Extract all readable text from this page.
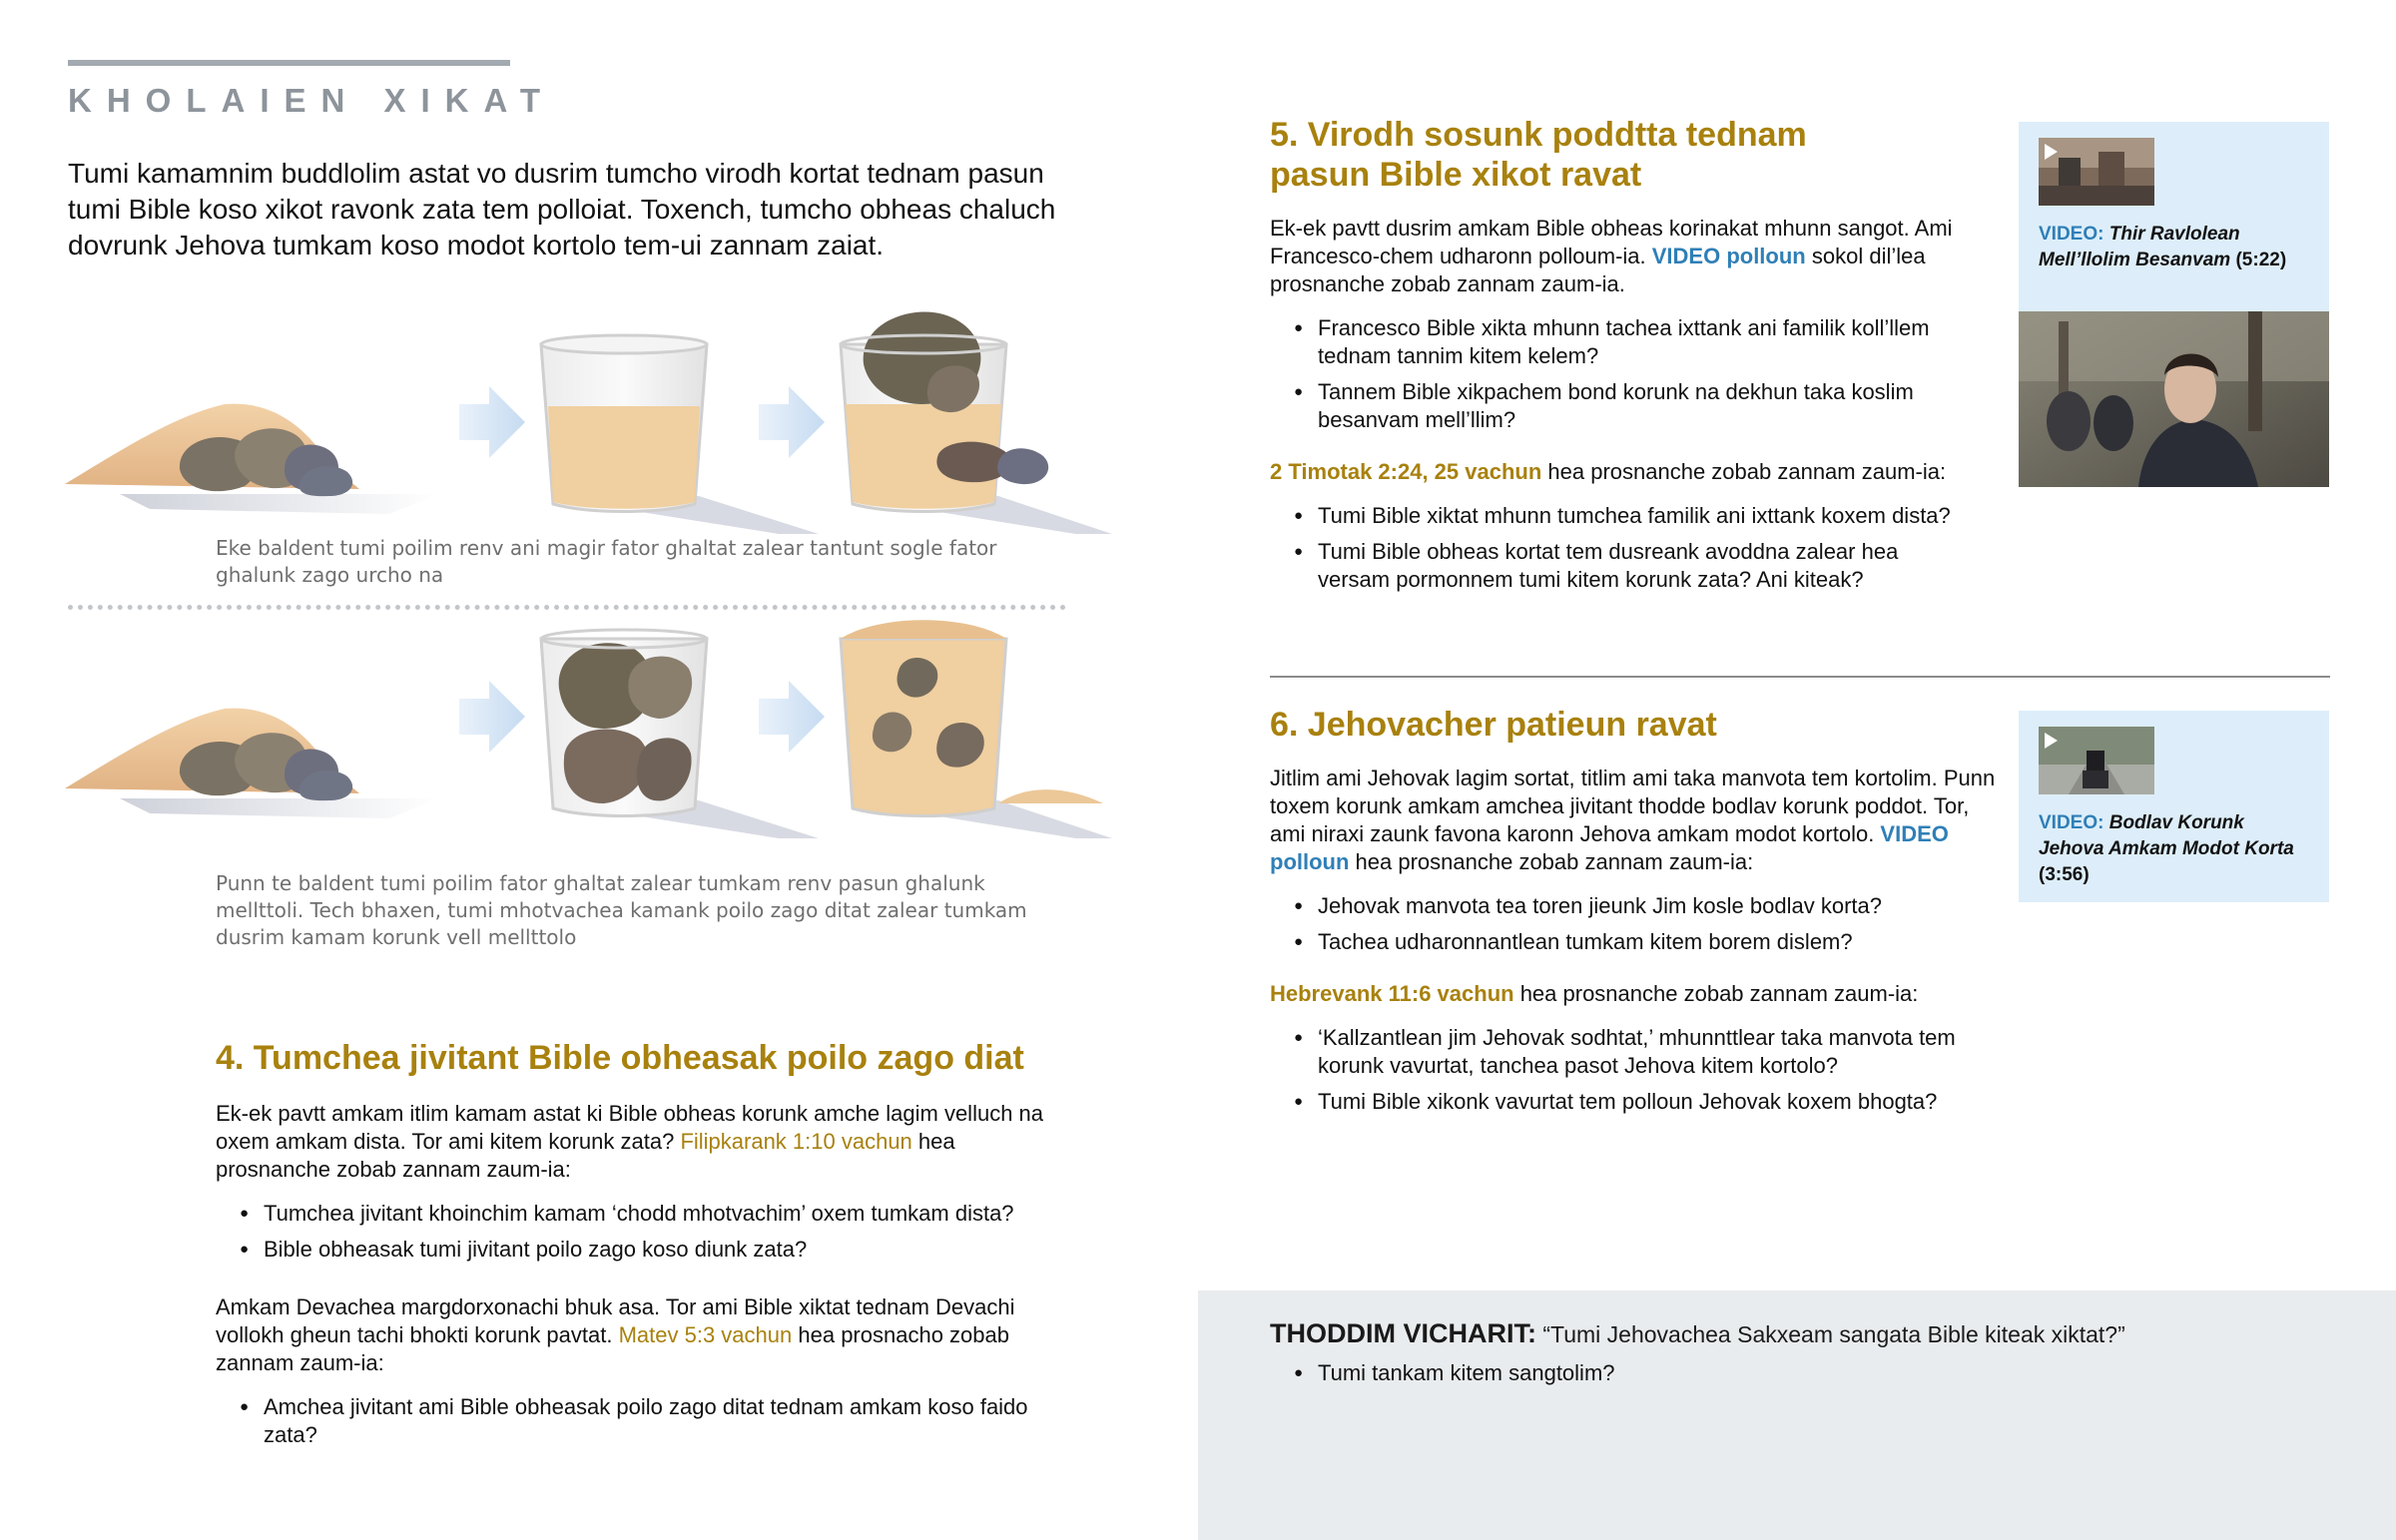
KHOLAIEN XIKAT

Tumi kamamnim buddlolim astat vo dusrim tumcho virodh kortat tednam pasun tumi Bible koso xikot ravonk zata tem polloiat. Toxench, tumcho obheas chaluch dovrunk Jehova tumkam koso modot kortolo tem-ui zannam zaiat.

Eke baldent tumi poilim renv ani magir fator ghaltat zalear tantunt sogle fator ghalunk zago urcho na

Punn te baldent tumi poilim fator ghaltat zalear tumkam renv pasun ghalunk mellttoli. Tech bhaxen, tumi mhotvachea kamank poilo zago ditat zalear tumkam dusrim kamam korunk vell mellttolo

4. Tumchea jivitant Bible obheasak poilo zago diat

Ek-ek pavtt amkam itlim kamam astat ki Bible obheas korunk amche lagim velluch na oxem amkam dista. Tor ami kitem korunk zata? Filipkarank 1:10 vachun hea prosnanche zobab zannam zaum-ia:

● Tumchea jivitant khoinchim kamam ‘chodd mhotvachim’ oxem tumkam dista?
● Bible obheasak tumi jivitant poilo zago koso diunk zata?

Amkam Devachea margdorxonachi bhuk asa. Tor ami Bible xiktat tednam Devachi vollokh gheun tachi bhokti korunk pavtat. Matev 5:3 vachun hea prosnacho zobab zannam zaum-ia:

● Amchea jivitant ami Bible obheasak poilo zago ditat tednam amkam koso faido zata?
5. Virodh sosunk poddtta tednam pasun Bible xikot ravat

Ek-ek pavtt dusrim amkam Bible obheas korinakat mhunn sangot. Ami Francesco-chem udharonn polloum-ia. VIDEO polloun sokol dil’lea prosnanche zobab zannam zaum-ia.

● Francesco Bible xikta mhunn tachea ixttank ani familik koll’llem tednam tannim kitem kelem?
● Tannem Bible xikpachem bond korunk na dekhun taka koslim besanvam mell’llim?

2 Timotak 2:24, 25 vachun hea prosnanche zobab zannam zaum-ia:

● Tumi Bible xiktat mhunn tumchea familik ani ixttank koxem dista?
● Tumi Bible obheas kortat tem dusreank avoddna zalear hea versam pormonnem tumi kitem korunk zata? Ani kiteak?
VIDEO: Thir Ravlolean Mell’llolim Besanvam (5:22)
6. Jehovacher patieun ravat

Jitlim ami Jehovak lagim sortat, titlim ami taka manvota tem kortolim. Punn toxem korunk amkam amchea jivitant thodde bodlav korunk poddot. Tor, ami niraxi zaunk favona karonn Jehova amkam modot kortolo. VIDEO polloun hea prosnanche zobab zannam zaum-ia:

● Jehovak manvota tea toren jieunk Jim kosle bodlav korta?
● Tachea udharonnantlean tumkam kitem borem dislem?

Hebrevank 11:6 vachun hea prosnanche zobab zannam zaum-ia:

● ‘Kallzantlean jim Jehovak sodhtat,’ mhunnttlear taka manvota tem korunk vavurtat, tanchea pasot Jehova kitem kortolo?
● Tumi Bible xikonk vavurtat tem polloun Jehovak koxem bhogta?
VIDEO: Bodlav Korunk Jehova Amkam Modot Korta (3:56)

THODDIM VICHARIT: “Tumi Jehovachea Sakxeam sangata Bible kiteak xiktat?”

● Tumi tankam kitem sangtolim?
